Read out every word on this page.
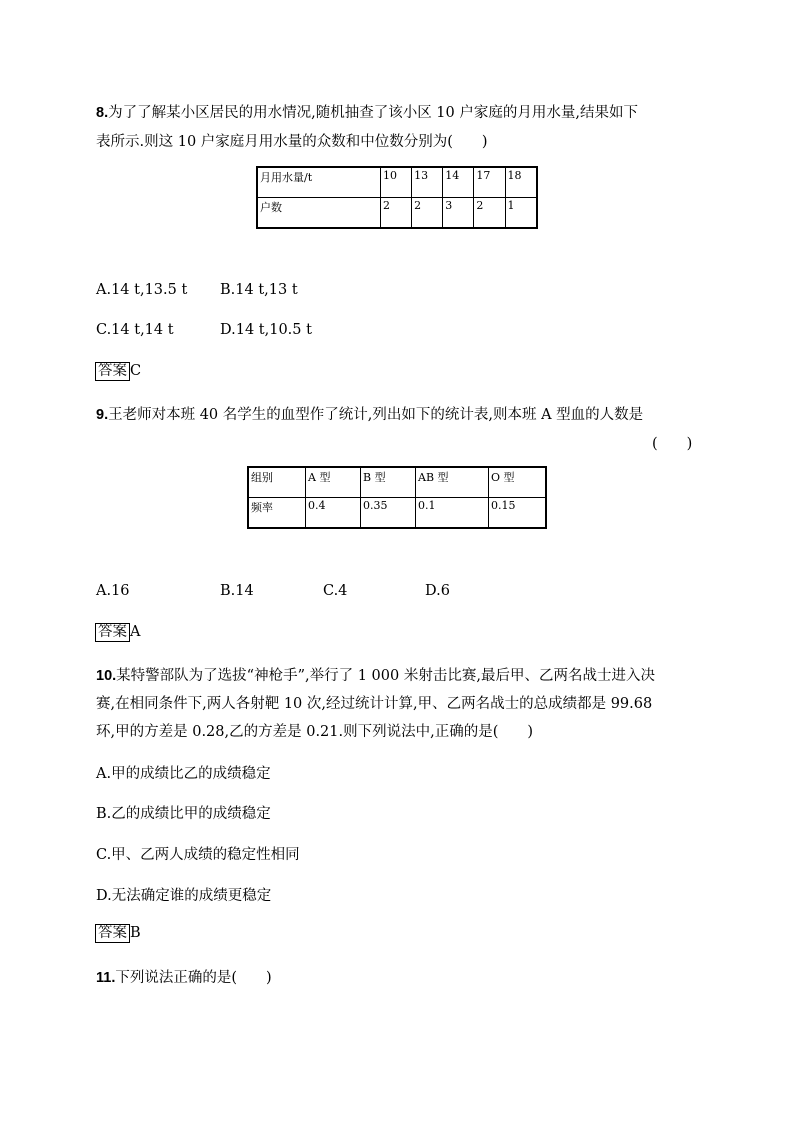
8.为了了解某小区居民的用水情况,随机抽查了该小区 10 户家庭的月用水量,结果如下
表所示.则这 10 户家庭月用水量的众数和中位数分别为(　　)
月用水量/t	10	13	14	17	18
户数	2	2	3	2	1
A.14 t,13.5 t B.14 t,13 t
C.14 t,14 t	D.14 t,10.5 t
答案 C
9.王老师对本班 40 名学生的血型作了统计,列出如下的统计表,则本班 A 型血的人数是
(　　)
组别	A 型	B 型	AB 型	O 型
频率	0.4	0.35	0.1	0.15
A.16	B.14	C.4	D.6
答案 A
10.某特警部队为了选拔“神枪手”,举行了 1 000 米射击比赛,最后甲、乙两名战士进入决
赛,在相同条件下,两人各射靶 10 次,经过统计计算,甲、乙两名战士的总成绩都是 99.68
环,甲的方差是 0.28,乙的方差是 0.21.则下列说法中,正确的是(　　)
A.甲的成绩比乙的成绩稳定
B.乙的成绩比甲的成绩稳定
C.甲、乙两人成绩的稳定性相同
D.无法确定谁的成绩更稳定
答案 B
11.下列说法正确的是(　　)
